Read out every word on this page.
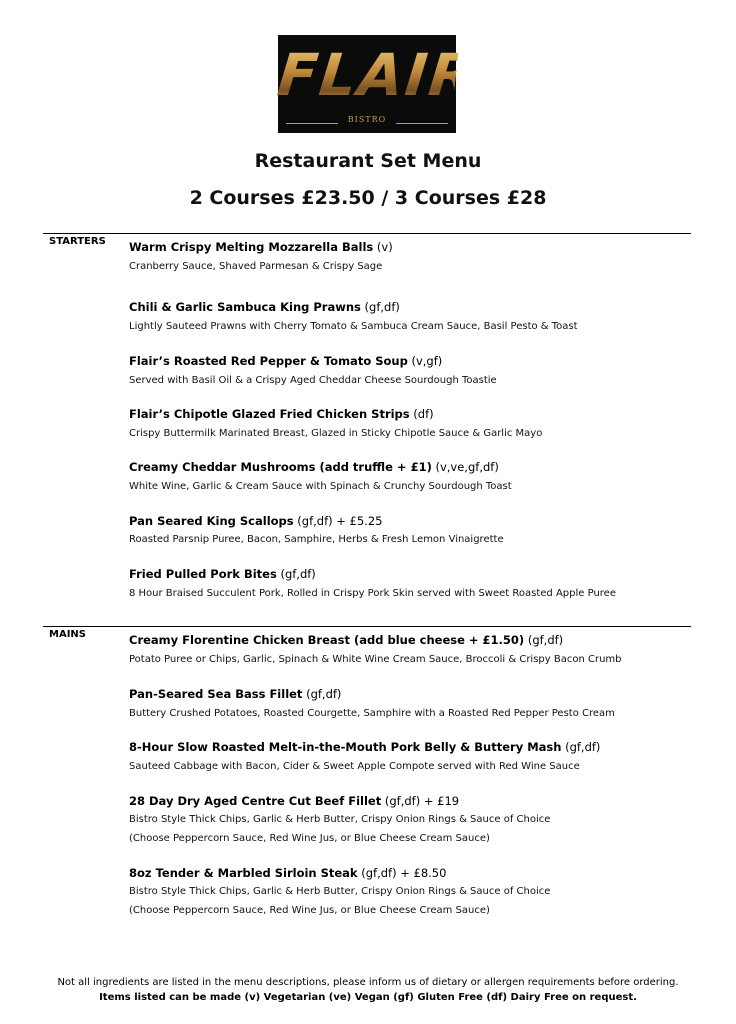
FLAIR
BISTRO
Restaurant Set Menu
2 Courses £23.50 / 3 Courses £28
STARTERS Warm Crispy Melting Mozzarella Balls (v)
Cranberry Sauce, Shaved Parmesan & Crispy Sage
Chili & Garlic Sambuca King Prawns (gf,df)
Lightly Sauteed Prawns with Cherry Tomato & Sambuca Cream Sauce, Basil Pesto & Toast
Flair’s Roasted Red Pepper & Tomato Soup (v,gf)
Served with Basil Oil & a Crispy Aged Cheddar Cheese Sourdough Toastie
Flair’s Chipotle Glazed Fried Chicken Strips (df)
Crispy Buttermilk Marinated Breast, Glazed in Sticky Chipotle Sauce & Garlic Mayo
Creamy Cheddar Mushrooms (add truffle + £1) (v,ve,gf,df)
White Wine, Garlic & Cream Sauce with Spinach & Crunchy Sourdough Toast
Pan Seared King Scallops (gf,df) + £5.25
Roasted Parsnip Puree, Bacon, Samphire, Herbs & Fresh Lemon Vinaigrette
Fried Pulled Pork Bites (gf,df)
8 Hour Braised Succulent Pork, Rolled in Crispy Pork Skin served with Sweet Roasted Apple Puree
MAINS	Creamy Florentine Chicken Breast (add blue cheese + £1.50) (gf,df)
Potato Puree or Chips, Garlic, Spinach & White Wine Cream Sauce, Broccoli & Crispy Bacon Crumb
Pan-Seared Sea Bass Fillet (gf,df)
Buttery Crushed Potatoes, Roasted Courgette, Samphire with a Roasted Red Pepper Pesto Cream
8-Hour Slow Roasted Melt-in-the-Mouth Pork Belly & Buttery Mash (gf,df)
Sauteed Cabbage with Bacon, Cider & Sweet Apple Compote served with Red Wine Sauce
28 Day Dry Aged Centre Cut Beef Fillet (gf,df) + £19
Bistro Style Thick Chips, Garlic & Herb Butter, Crispy Onion Rings & Sauce of Choice
(Choose Peppercorn Sauce, Red Wine Jus, or Blue Cheese Cream Sauce)
8oz Tender & Marbled Sirloin Steak (gf,df) + £8.50
Bistro Style Thick Chips, Garlic & Herb Butter, Crispy Onion Rings & Sauce of Choice
(Choose Peppercorn Sauce, Red Wine Jus, or Blue Cheese Cream Sauce)
Not all ingredients are listed in the menu descriptions, please inform us of dietary or allergen requirements before ordering.
Items listed can be made (v) Vegetarian (ve) Vegan (gf) Gluten Free (df) Dairy Free on request.
